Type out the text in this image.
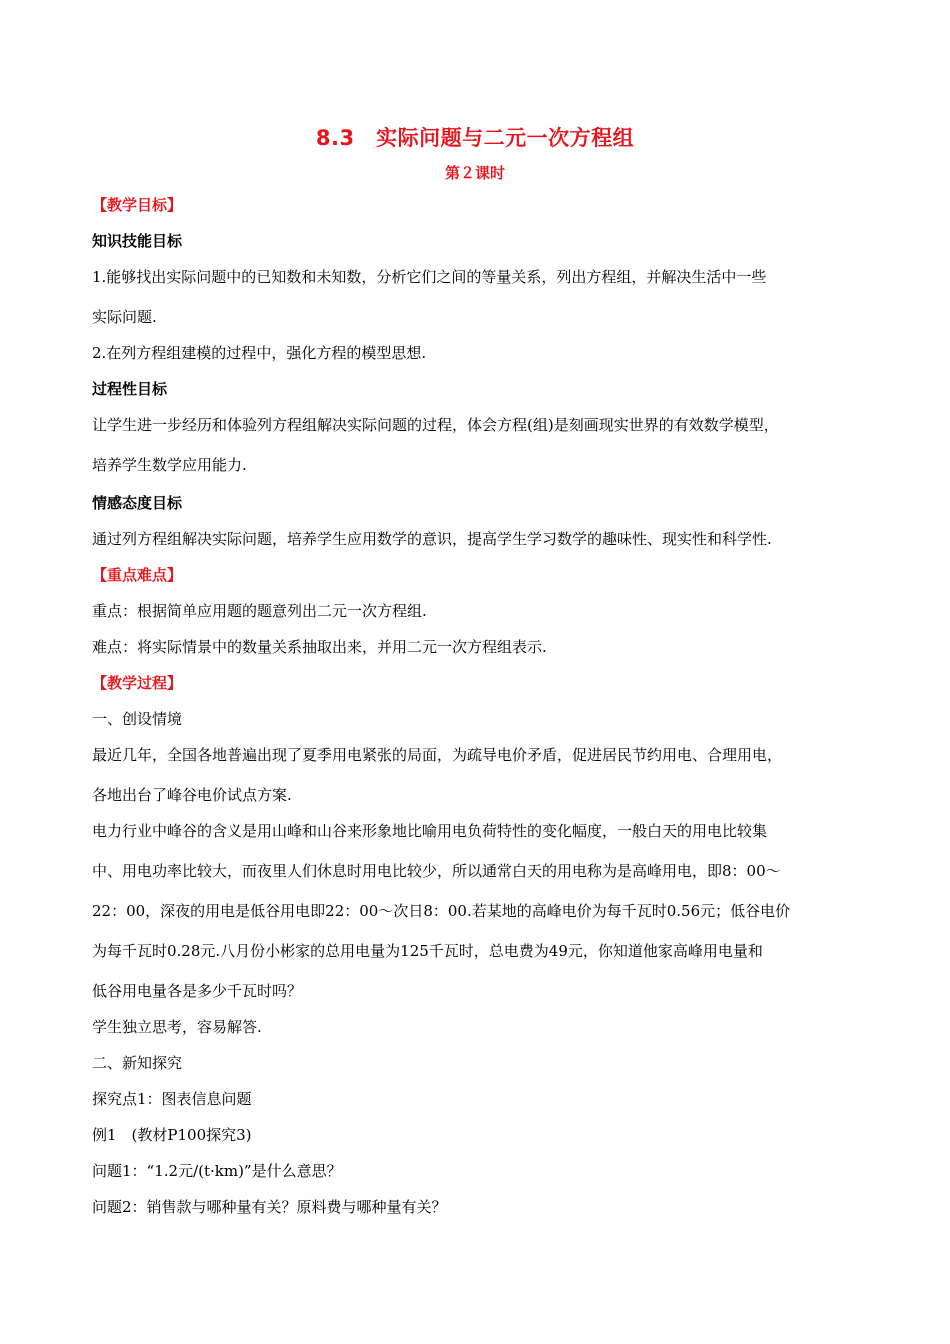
8.3　实际问题与二元一次方程组
第２课时
【教学目标】
知识技能目标
1.能够找出实际问题中的已知数和未知数，分析它们之间的等量关系，列出方程组，并解决生活中一些
实际问题.
2.在列方程组建模的过程中，强化方程的模型思想.
过程性目标
让学生进一步经历和体验列方程组解决实际问题的过程，体会方程(组)是刻画现实世界的有效数学模型，
培养学生数学应用能力.
情感态度目标
通过列方程组解决实际问题，培养学生应用数学的意识，提高学生学习数学的趣味性、现实性和科学性.
【重点难点】
重点：根据简单应用题的题意列出二元一次方程组.
难点：将实际情景中的数量关系抽取出来，并用二元一次方程组表示.
【教学过程】
一、创设情境
最近几年，全国各地普遍出现了夏季用电紧张的局面，为疏导电价矛盾，促进居民节约用电、合理用电，
各地出台了峰谷电价试点方案.
电力行业中峰谷的含义是用山峰和山谷来形象地比喻用电负荷特性的变化幅度，一般白天的用电比较集
中、用电功率比较大，而夜里人们休息时用电比较少，所以通常白天的用电称为是高峰用电，即8：00～
22：00，深夜的用电是低谷用电即22：00～次日8：00.若某地的高峰电价为每千瓦时0.56元；低谷电价
为每千瓦时0.28元.八月份小彬家的总用电量为125千瓦时，总电费为49元，你知道他家高峰用电量和
低谷用电量各是多少千瓦时吗？
学生独立思考，容易解答.
二、新知探究
探究点1：图表信息问题
例1　(教材P100探究3)
问题1：“1.2元/(t·km)”是什么意思？
问题2：销售款与哪种量有关？原料费与哪种量有关？
